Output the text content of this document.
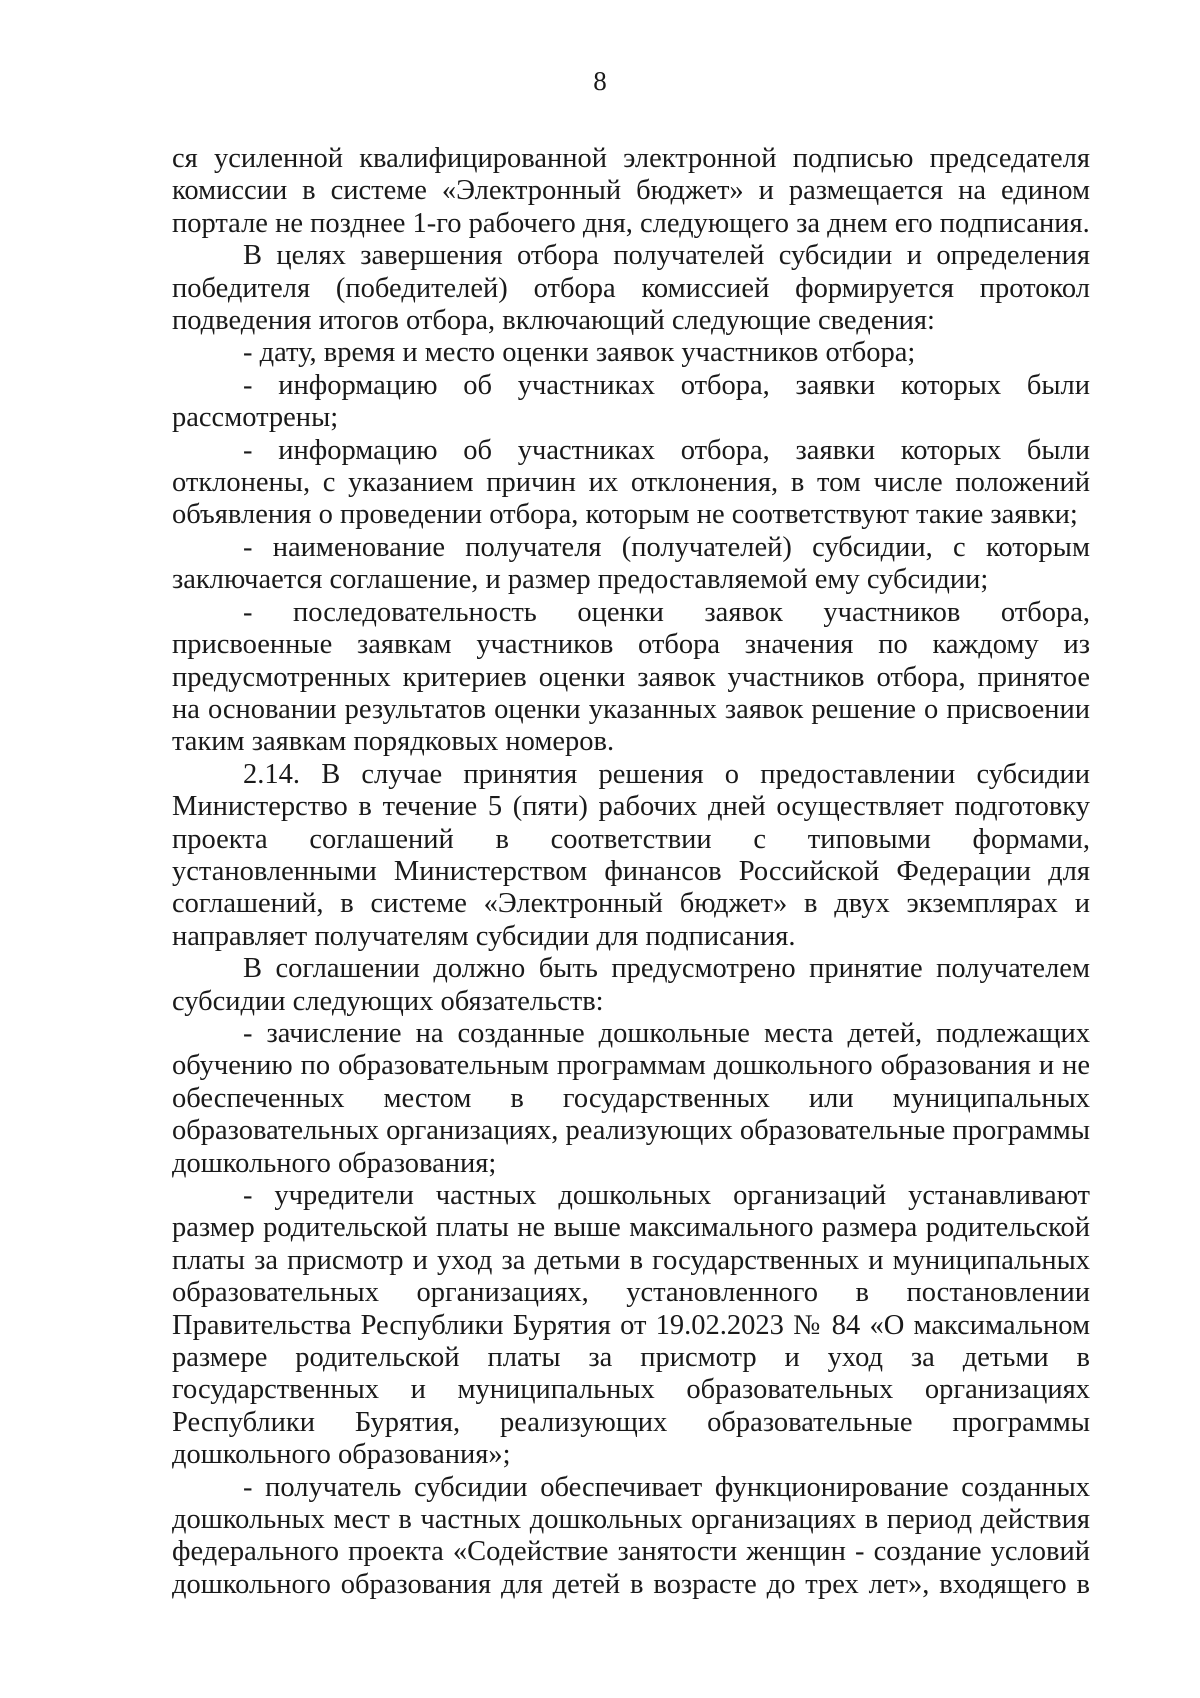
8

ся усиленной квалифицированной электронной подписью председателя комиссии в системе «Электронный бюджет» и размещается на едином портале не позднее 1-го рабочего дня, следующего за днем его подписания.

В целях завершения отбора получателей субсидии и определения победителя (победителей) отбора комиссией формируется протокол подведения итогов отбора, включающий следующие сведения:

- дату, время и место оценки заявок участников отбора;

- информацию об участниках отбора, заявки которых были рассмотрены;

- информацию об участниках отбора, заявки которых были отклонены, с указанием причин их отклонения, в том числе положений объявления о проведении отбора, которым не соответствуют такие заявки;

- наименование получателя (получателей) субсидии, с которым заключается соглашение, и размер предоставляемой ему субсидии;

- последовательность оценки заявок участников отбора, присвоенные заявкам участников отбора значения по каждому из предусмотренных критериев оценки заявок участников отбора, принятое на основании результатов оценки указанных заявок решение о присвоении таким заявкам порядковых номеров.

2.14. В случае принятия решения о предоставлении субсидии Министерство в течение 5 (пяти) рабочих дней осуществляет подготовку проекта соглашений в соответствии с типовыми формами, установленными Министерством финансов Российской Федерации для соглашений, в системе «Электронный бюджет» в двух экземплярах и направляет получателям субсидии для подписания.

В соглашении должно быть предусмотрено принятие получателем субсидии следующих обязательств:

- зачисление на созданные дошкольные места детей, подлежащих обучению по образовательным программам дошкольного образования и не обеспеченных местом в государственных или муниципальных образовательных организациях, реализующих образовательные программы дошкольного образования;

- учредители частных дошкольных организаций устанавливают размер родительской платы не выше максимального размера родительской платы за присмотр и уход за детьми в государственных и муниципальных образовательных организациях, установленного в постановлении Правительства Республики Бурятия от 19.02.2023 № 84 «О максимальном размере родительской платы за присмотр и уход за детьми в государственных и муниципальных образовательных организациях Республики Бурятия, реализующих образовательные программы дошкольного образования»;

- получатель субсидии обеспечивает функционирование созданных дошкольных мест в частных дошкольных организациях в период действия федерального проекта «Содействие занятости женщин - создание условий дошкольного образования для детей в возрасте до трех лет», входящего в
